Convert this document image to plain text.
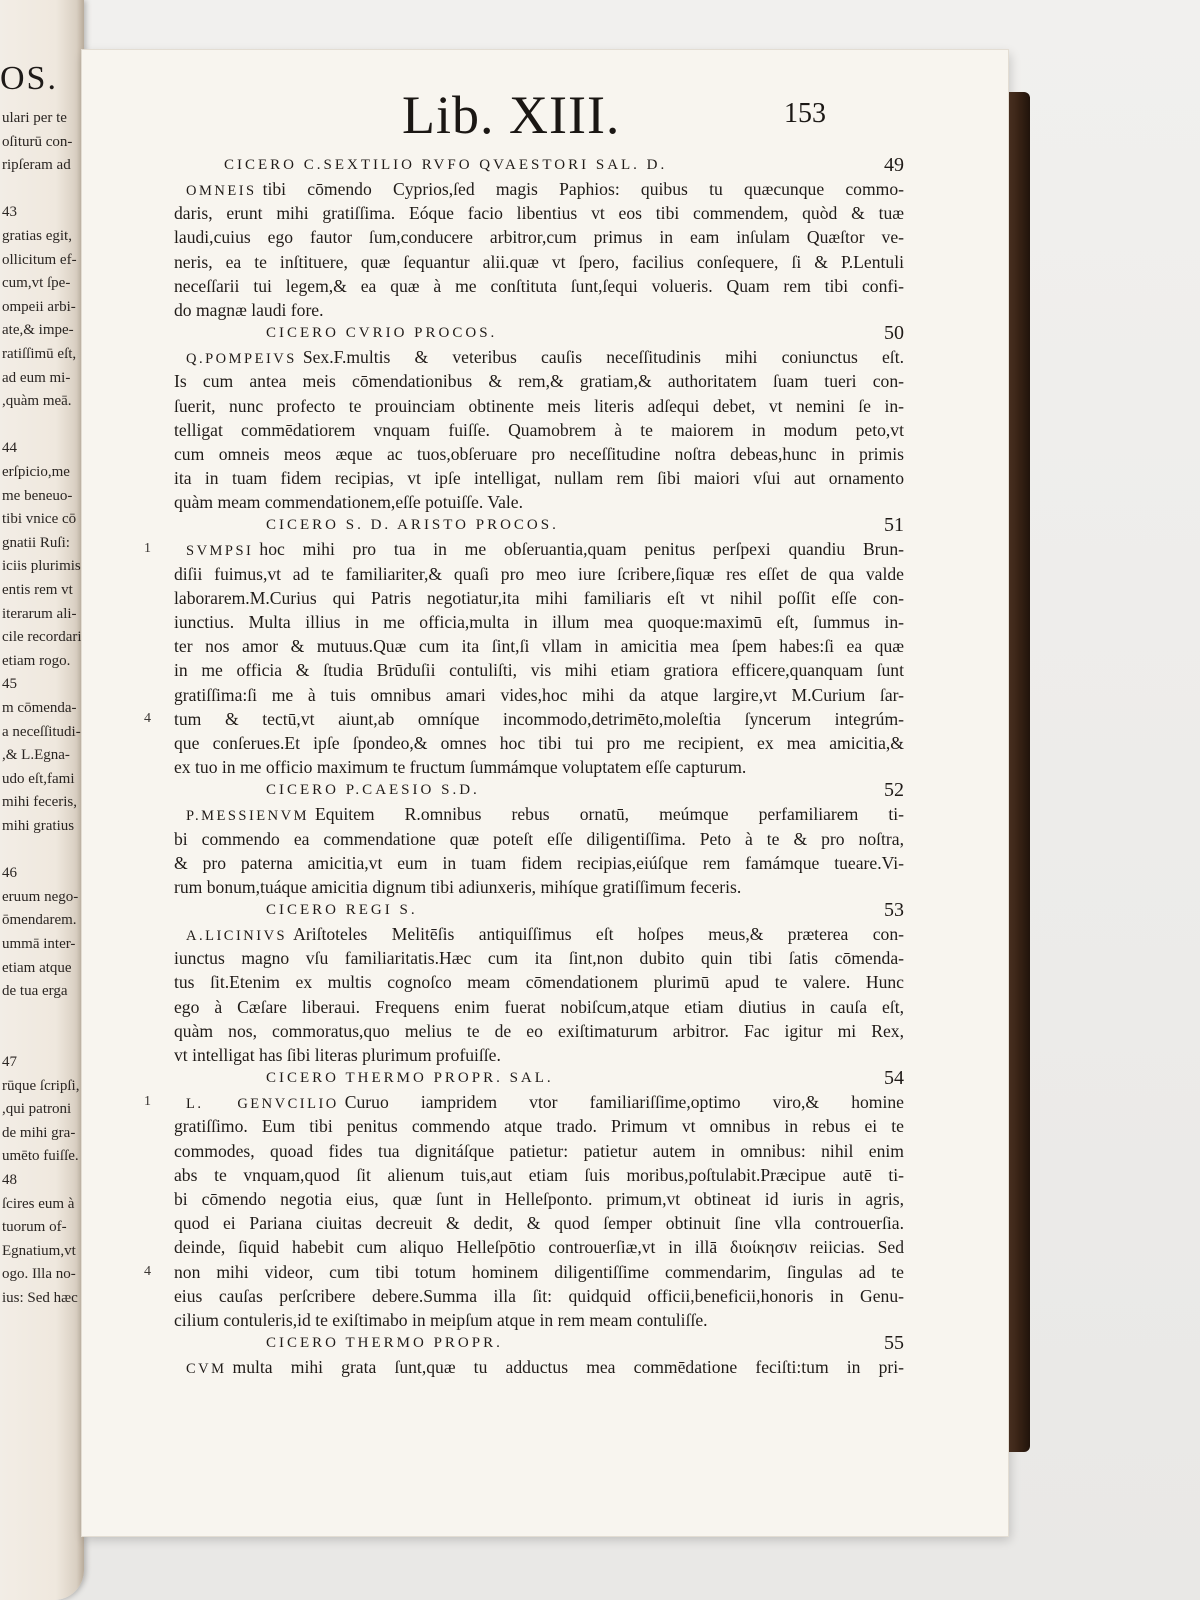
OS.
ulari per te
oſiturū con-
ripſeram ad
43
gratias egit,
ollicitum ef-
cum,vt ſpe-
ompeii arbi-
ate,& impe-
ratiſſimū eſt,
ad eum mi-
,quàm meā.
44
erſpicio,me
me beneuo-
tibi vnice cō
gnatii Ruſi:
iciis plurimis
entis rem vt
iterarum ali-
cile recordari
etiam rogo.
45
m cōmenda-
a neceſſitudi-
,& L.Egna-
udo eſt,fami
mihi feceris,
mihi gratius
46
eruum nego-
ōmendarem.
ummā inter-
etiam atque
de tua erga
47
rūque ſcripſi,
,qui patroni
de mihi gra-
umēto fuiſſe.
48
ſcires eum à
tuorum of-
Egnatium,vt
ogo. Illa no-
ius: Sed hæc
Lib. XIII.	153
CICERO C.SEXTILIO RVFO QVAESTORI SAL. D.	49
OMNEIS tibi cōmendo Cyprios,ſed magis Paphios: quibus tu quæcunque commo-
daris, erunt mihi gratiſſima. Eóque facio libentius vt eos tibi commendem, quòd & tuæ
laudi,cuius ego fautor ſum,conducere arbitror,cum primus in eam inſulam Quæſtor ve-
neris, ea te inſtituere, quæ ſequantur alii.quæ vt ſpero, facilius conſequere, ſi & P.Lentuli
neceſſarii tui legem,& ea quæ à me conſtituta ſunt,ſequi volueris. Quam rem tibi confi-
do magnæ laudi fore.
CICERO CVRIO PROCOS.	50
Q.POMPEIVS Sex.F.multis & veteribus cauſis neceſſitudinis mihi coniunctus eſt.
Is cum antea meis cōmendationibus & rem,& gratiam,& authoritatem ſuam tueri con-
ſuerit, nunc profecto te prouinciam obtinente meis literis adſequi debet, vt nemini ſe in-
telligat commēdatiorem vnquam fuiſſe. Quamobrem à te maiorem in modum peto,vt
cum omneis meos æque ac tuos,obſeruare pro neceſſitudine noſtra debeas,hunc in primis
ita in tuam fidem recipias, vt ipſe intelligat, nullam rem ſibi maiori vſui aut ornamento
quàm meam commendationem,eſſe potuiſſe. Vale.
CICERO S. D. ARISTO PROCOS.	51
1	SVMPSI hoc mihi pro tua in me obſeruantia,quam penitus perſpexi quandiu Brun-
diſii fuimus,vt ad te familiariter,& quaſi pro meo iure ſcribere,ſiquæ res eſſet de qua valde
laborarem.M.Curius qui Patris negotiatur,ita mihi familiaris eſt vt nihil poſſit eſſe con-
iunctius. Multa illius in me officia,multa in illum mea quoque:maximū eſt, ſummus in-
ter nos amor & mutuus.Quæ cum ita ſint,ſi vllam in amicitia mea ſpem habes:ſi ea quæ
in me officia & ſtudia Brūduſii contuliſti, vis mihi etiam gratiora efficere,quanquam ſunt
gratiſſima:ſi me à tuis omnibus amari vides,hoc mihi da atque largire,vt M.Curium ſar-
4 tum & tectū,vt aiunt,ab omníque incommodo,detrimēto,moleſtia ſyncerum integrúm-
que conſerues.Et ipſe ſpondeo,& omnes hoc tibi tui pro me recipient, ex mea amicitia,&
ex tuo in me officio maximum te fructum ſummámque voluptatem eſſe capturum.
CICERO P.CAESIO S.D.	52
P.MESSIENVM Equitem R.omnibus rebus ornatū, meúmque perfamiliarem ti-
bi commendo ea commendatione quæ poteſt eſſe diligentiſſima. Peto à te & pro noſtra,
& pro paterna amicitia,vt eum in tuam fidem recipias,eiúſque rem famámque tueare.Vi-
rum bonum,tuáque amicitia dignum tibi adiunxeris, mihíque gratiſſimum feceris.
CICERO REGI S.	53
A.LICINIVS Ariſtoteles Melitēſis antiquiſſimus eſt hoſpes meus,& præterea con-
iunctus magno vſu familiaritatis.Hæc cum ita ſint,non dubito quin tibi ſatis cōmenda-
tus ſit.Etenim ex multis cognoſco meam cōmendationem plurimū apud te valere. Hunc
ego à Cæſare liberaui. Frequens enim fuerat nobiſcum,atque etiam diutius in cauſa eſt,
quàm nos, commoratus,quo melius te de eo exiſtimaturum arbitror. Fac igitur mi Rex,
vt intelligat has ſibi literas plurimum profuiſſe.
CICERO THERMO PROPR. SAL.	54
1	L. GENVCILIO Curuo iampridem vtor familiariſſime,optimo viro,& homine
gratiſſimo. Eum tibi penitus commendo atque trado. Primum vt omnibus in rebus ei te
commodes, quoad fides tua dignitáſque patietur: patietur autem in omnibus: nihil enim
abs te vnquam,quod ſit alienum tuis,aut etiam ſuis moribus,poſtulabit.Præcipue autē ti-
bi cōmendo negotia eius, quæ ſunt in Helleſponto. primum,vt obtineat id iuris in agris,
quod ei Pariana ciuitas decreuit & dedit, & quod ſemper obtinuit ſine vlla controuerſia.
deinde, ſiquid habebit cum aliquo Helleſpōtio controuerſiæ,vt in illā διοίκησιν reiicias. Sed
4 non mihi videor, cum tibi totum hominem diligentiſſime commendarim, ſingulas ad te
eius cauſas perſcribere debere.Summa illa ſit: quidquid officii,beneficii,honoris in Genu-
cilium contuleris,id te exiſtimabo in meipſum atque in rem meam contuliſſe.
CICERO THERMO PROPR.	55
CVM multa mihi grata ſunt,quæ tu adductus mea commēdatione feciſti:tum in pri-
